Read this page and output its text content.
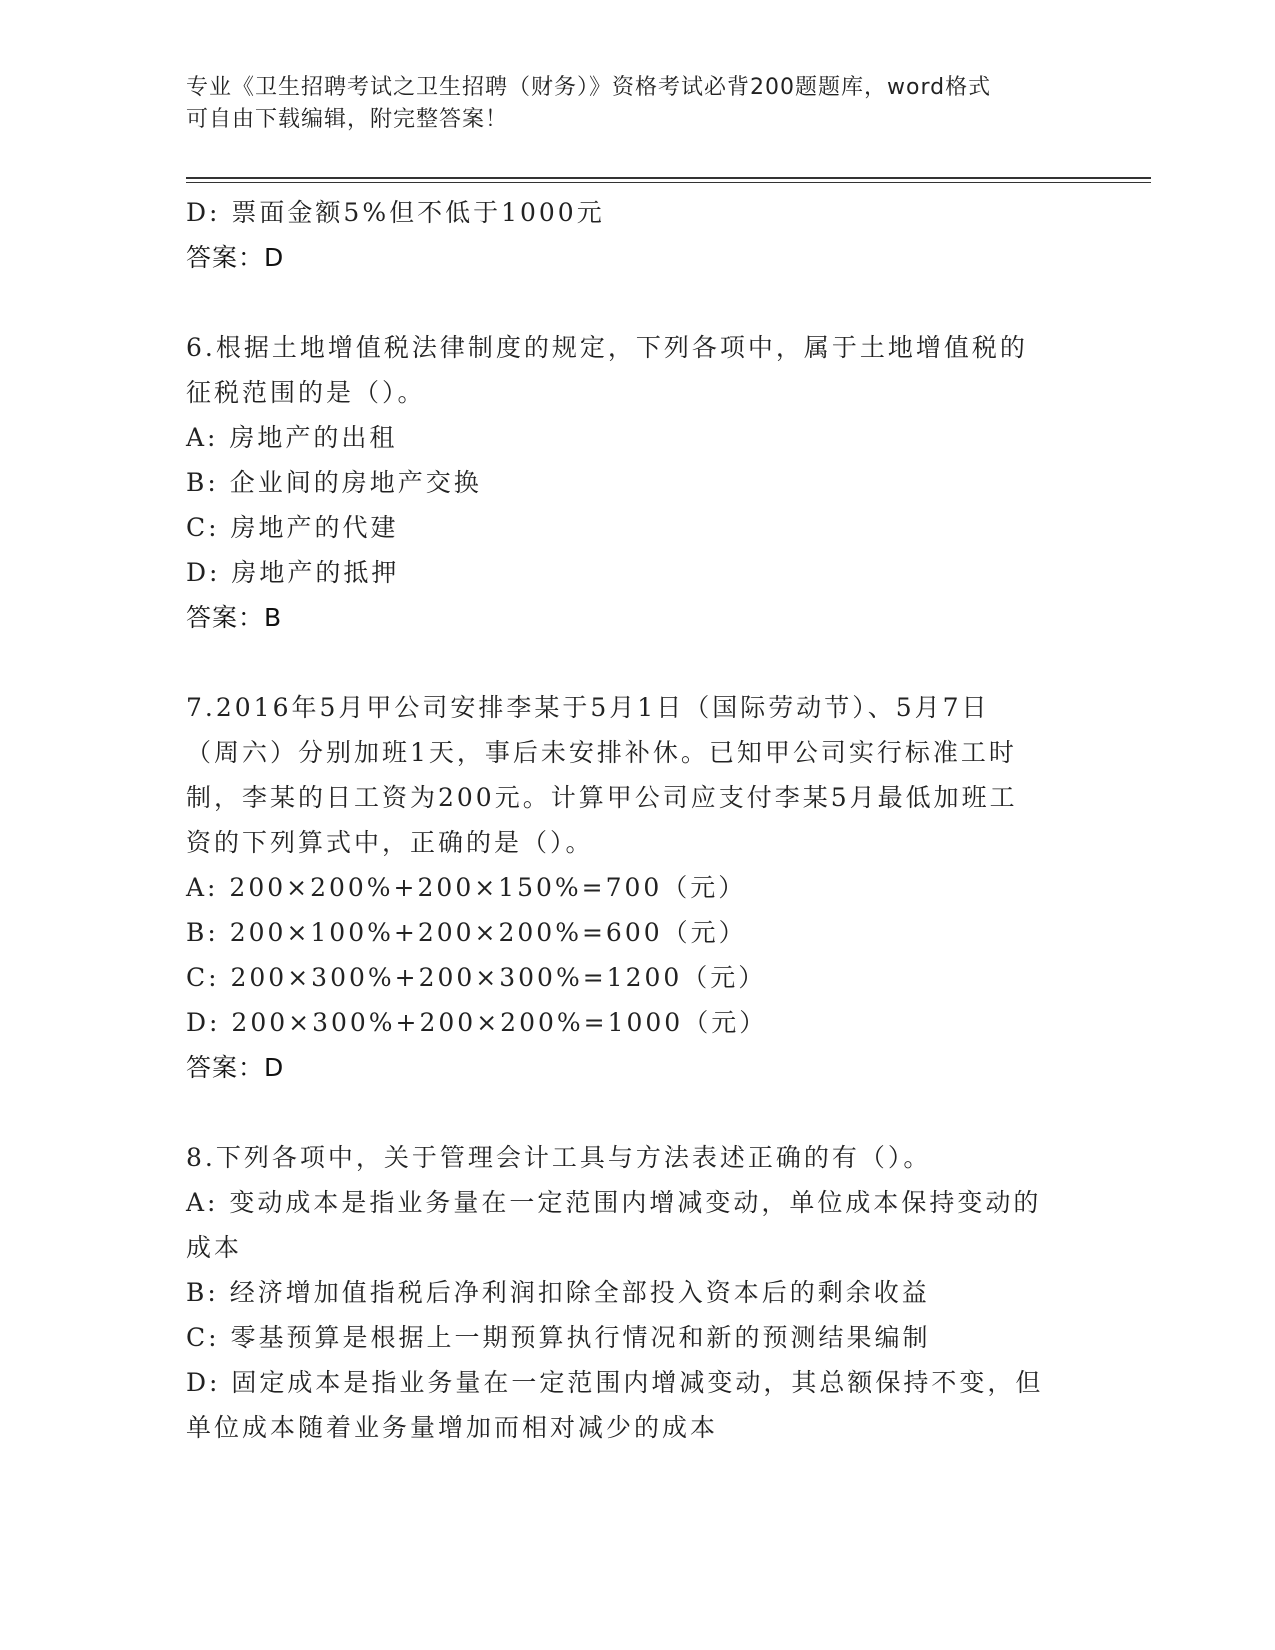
专业《卫生招聘考试之卫生招聘（财务）》资格考试必背200题题库，word格式
可自由下载编辑，附完整答案！
D: 票面金额5%但不低于1000元
答案：D
6.根据土地增值税法律制度的规定，下列各项中，属于土地增值税的
征税范围的是（）。
A: 房地产的出租
B: 企业间的房地产交换
C: 房地产的代建
D: 房地产的抵押
答案：B
7.2016年5月甲公司安排李某于5月1日（国际劳动节）、5月7日
（周六）分别加班1天，事后未安排补休。已知甲公司实行标准工时
制，李某的日工资为200元。计算甲公司应支付李某5月最低加班工
资的下列算式中，正确的是（）。
A: 200×200%+200×150%=700（元）
B: 200×100%+200×200%=600（元）
C: 200×300%+200×300%=1200（元）
D: 200×300%+200×200%=1000（元）
答案：D
8.下列各项中，关于管理会计工具与方法表述正确的有（）。
A: 变动成本是指业务量在一定范围内增减变动，单位成本保持变动的
成本
B: 经济增加值指税后净利润扣除全部投入资本后的剩余收益
C: 零基预算是根据上一期预算执行情况和新的预测结果编制
D: 固定成本是指业务量在一定范围内增减变动，其总额保持不变，但
单位成本随着业务量增加而相对减少的成本
